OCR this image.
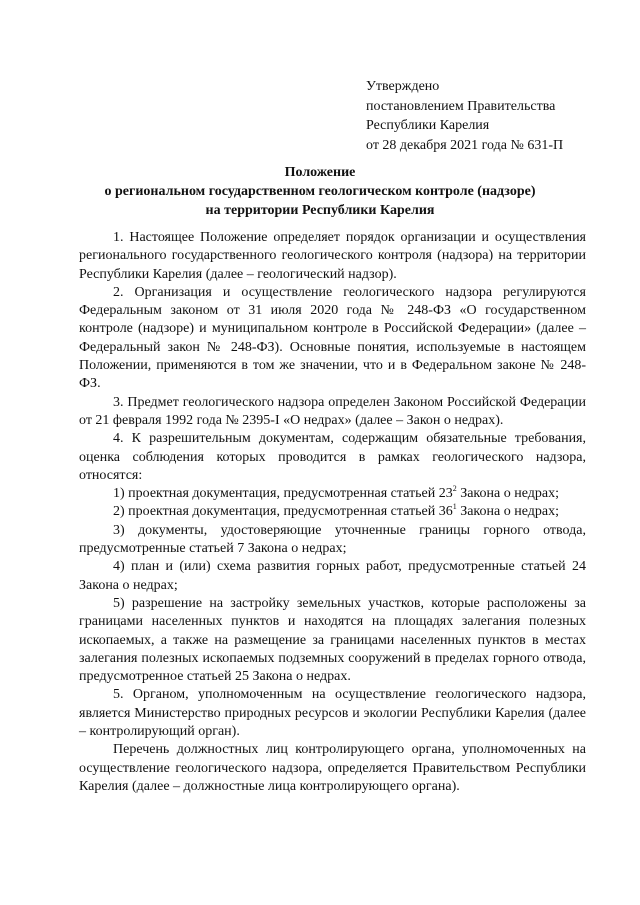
Утверждено
постановлением Правительства
Республики Карелия
от 28 декабря 2021 года № 631-П
Положение
о региональном государственном геологическом контроле (надзоре)
на территории Республики Карелия

1. Настоящее Положение определяет порядок организации и осуществления регионального государственного геологического контроля (надзора) на территории Республики Карелия (далее – геологический надзор).

2. Организация и осуществление геологического надзора регулируются Федеральным законом от 31 июля 2020 года № 248-ФЗ «О государственном контроле (надзоре) и муниципальном контроле в Российской Федерации» (далее – Федеральный закон № 248-ФЗ). Основные понятия, используемые в настоящем Положении, применяются в том же значении, что и в Федеральном законе № 248-ФЗ.

3. Предмет геологического надзора определен Законом Российской Федерации от 21 февраля 1992 года № 2395-I «О недрах» (далее – Закон о недрах).

4. К разрешительным документам, содержащим обязательные требования, оценка соблюдения которых проводится в рамках геологического надзора, относятся:

1) проектная документация, предусмотренная статьей $23^2$ Закона о недрах;

2) проектная документация, предусмотренная статьей $36^1$ Закона о недрах;

3) документы, удостоверяющие уточненные границы горного отвода, предусмотренные статьей 7 Закона о недрах;

4) план и (или) схема развития горных работ, предусмотренные статьей 24 Закона о недрах;

5) разрешение на застройку земельных участков, которые расположены за границами населенных пунктов и находятся на площадях залегания полезных ископаемых, а также на размещение за границами населенных пунктов в местах залегания полезных ископаемых подземных сооружений в пределах горного отвода, предусмотренное статьей 25 Закона о недрах.

5. Органом, уполномоченным на осуществление геологического надзора, является Министерство природных ресурсов и экологии Республики Карелия (далее – контролирующий орган).

Перечень должностных лиц контролирующего органа, уполномоченных на осуществление геологического надзора, определяется Правительством Республики Карелия (далее – должностные лица контролирующего органа).
